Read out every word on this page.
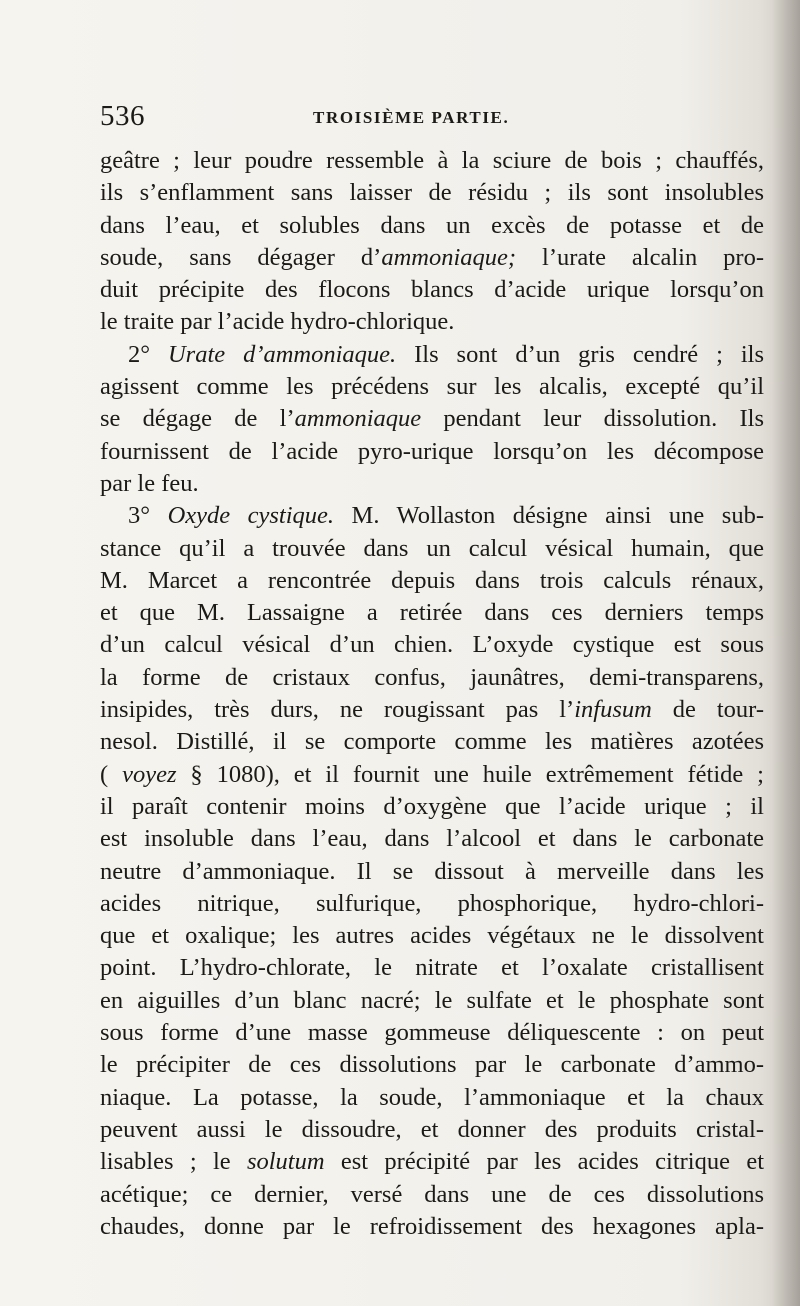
536	TROISIÈME PARTIE.
geâtre ; leur poudre ressemble à la sciure de bois ; chauffés,
ils s’enflamment sans laisser de résidu ; ils sont insolubles
dans l’eau, et solubles dans un excès de potasse et de
soude, sans dégager d’ammoniaque; l’urate alcalin pro-
duit précipite des flocons blancs d’acide urique lorsqu’on
le traite par l’acide hydro-chlorique.
2° Urate d’ammoniaque. Ils sont d’un gris cendré ; ils
agissent comme les précédens sur les alcalis, excepté qu’il
se dégage de l’ammoniaque pendant leur dissolution. Ils
fournissent de l’acide pyro-urique lorsqu’on les décompose
par le feu.
3° Oxyde cystique. M. Wollaston désigne ainsi une sub-
stance qu’il a trouvée dans un calcul vésical humain, que
M. Marcet a rencontrée depuis dans trois calculs rénaux,
et que M. Lassaigne a retirée dans ces derniers temps
d’un calcul vésical d’un chien. L’oxyde cystique est sous
la forme de cristaux confus, jaunâtres, demi-transparens,
insipides, très durs, ne rougissant pas l’infusum de tour-
nesol. Distillé, il se comporte comme les matières azotées
( voyez § 1080), et il fournit une huile extrêmement fétide ;
il paraît contenir moins d’oxygène que l’acide urique ; il
est insoluble dans l’eau, dans l’alcool et dans le carbonate
neutre d’ammoniaque. Il se dissout à merveille dans les
acides nitrique, sulfurique, phosphorique, hydro-chlori-
que et oxalique; les autres acides végétaux ne le dissolvent
point. L’hydro-chlorate, le nitrate et l’oxalate cristallisent
en aiguilles d’un blanc nacré; le sulfate et le phosphate sont
sous forme d’une masse gommeuse déliquescente : on peut
le précipiter de ces dissolutions par le carbonate d’ammo-
niaque. La potasse, la soude, l’ammoniaque et la chaux
peuvent aussi le dissoudre, et donner des produits cristal-
lisables ; le solutum est précipité par les acides citrique et
acétique; ce dernier, versé dans une de ces dissolutions
chaudes, donne par le refroidissement des hexagones apla-
